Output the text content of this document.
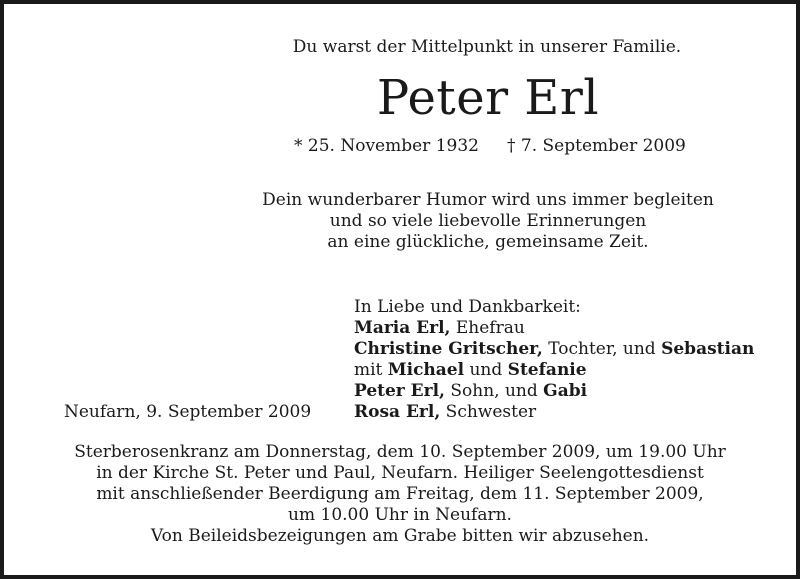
Du warst der Mittelpunkt in unserer Familie.
Peter Erl
* 25. November 1932 † 7. September 2009
Dein wunderbarer Humor wird uns immer begleiten
und so viele liebevolle Erinnerungen
an eine glückliche, gemeinsame Zeit.
In Liebe und Dankbarkeit:
Maria Erl, Ehefrau
Christine Gritscher, Tochter, und Sebastian
mit Michael und Stefanie
Peter Erl, Sohn, und Gabi
Rosa Erl, Schwester
Neufarn, 9. September 2009
Sterberosenkranz am Donnerstag, dem 10. September 2009, um 19.00 Uhr
in der Kirche St. Peter und Paul, Neufarn. Heiliger Seelengottesdienst
mit anschließender Beerdigung am Freitag, dem 11. September 2009,
um 10.00 Uhr in Neufarn.
Von Beileidsbezeigungen am Grabe bitten wir abzusehen.
